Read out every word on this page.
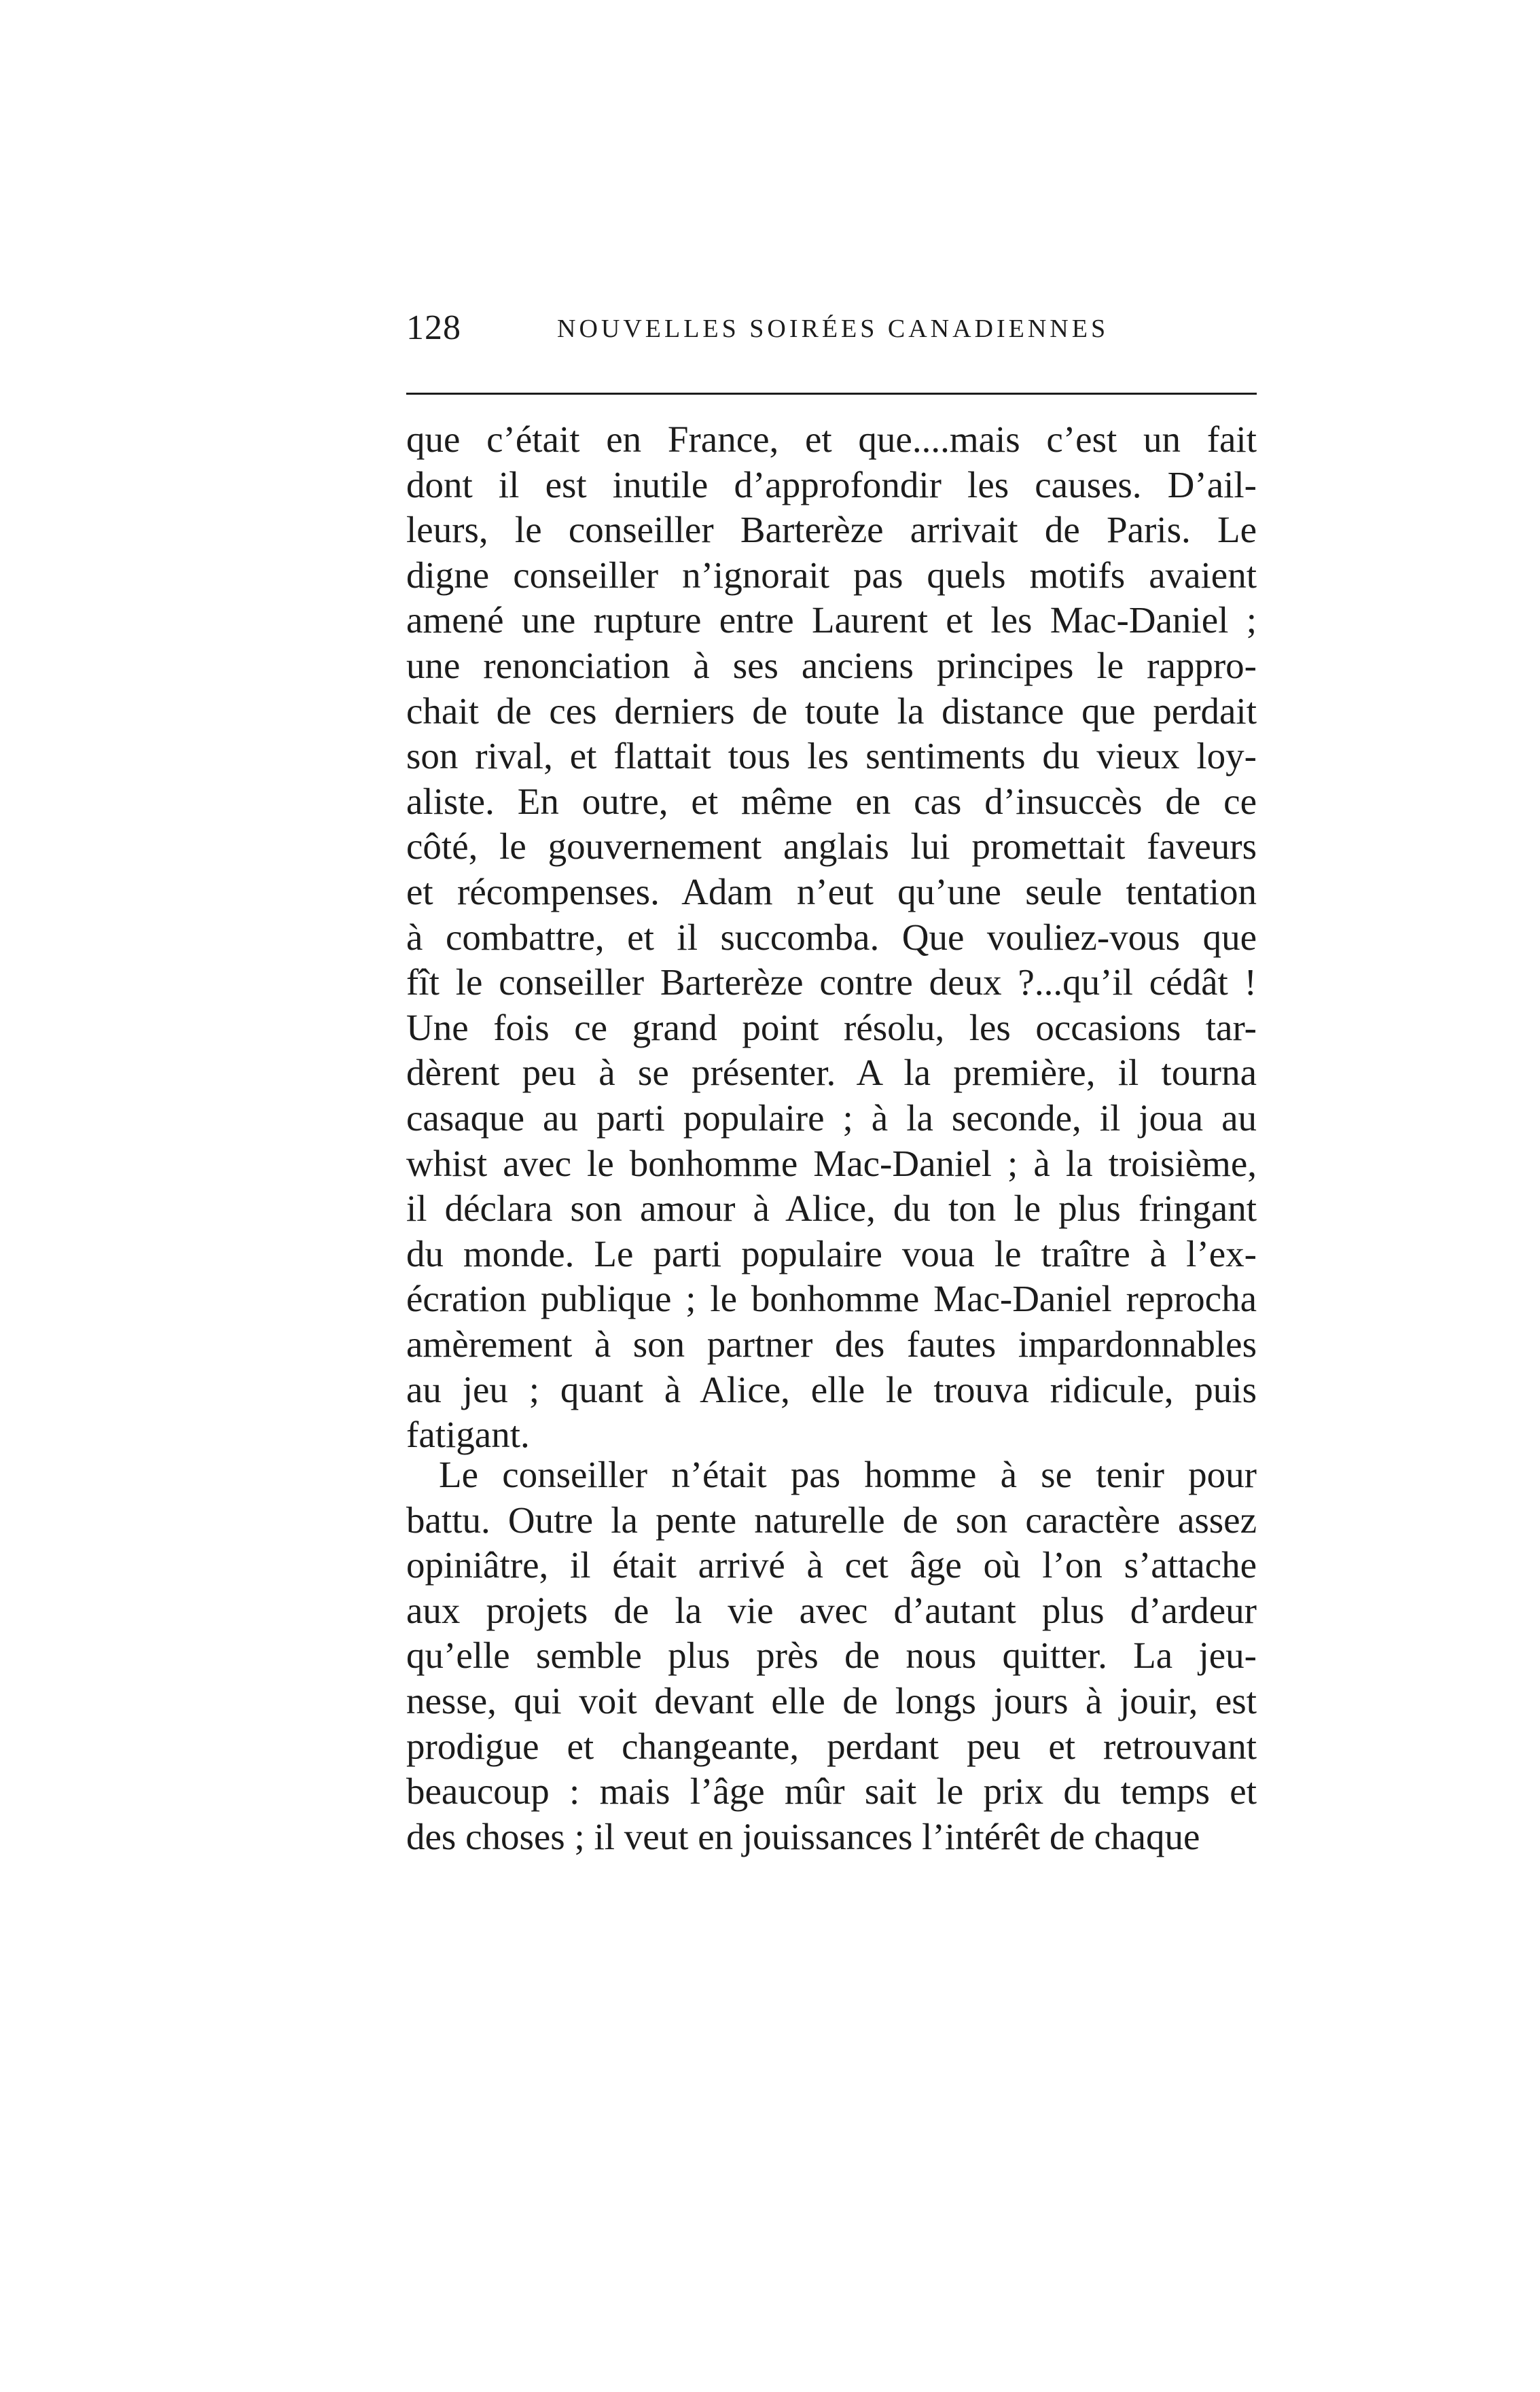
128	NOUVELLES SOIRÉES CANADIENNES
que c’était en France, et que....mais c’est un fait
dont il est inutile d’approfondir les causes. D’ail-
leurs, le conseiller Barterèze arrivait de Paris. Le
digne conseiller n’ignorait pas quels motifs avaient
amené une rupture entre Laurent et les Mac-Daniel ;
une renonciation à ses anciens principes le rappro-
chait de ces derniers de toute la distance que perdait
son rival, et flattait tous les sentiments du vieux loy-
aliste. En outre, et même en cas d’insuccès de ce
côté, le gouvernement anglais lui promettait faveurs
et récompenses. Adam n’eut qu’une seule tentation
à combattre, et il succomba. Que vouliez-vous que
fît le conseiller Barterèze contre deux ?...qu’il cédât !
Une fois ce grand point résolu, les occasions tar-
dèrent peu à se présenter. A la première, il tourna
casaque au parti populaire ; à la seconde, il joua au
whist avec le bonhomme Mac-Daniel ; à la troisième,
il déclara son amour à Alice, du ton le plus fringant
du monde. Le parti populaire voua le traître à l’ex-
écration publique ; le bonhomme Mac-Daniel reprocha
amèrement à son partner des fautes impardonnables
au jeu ; quant à Alice, elle le trouva ridicule, puis
fatigant.
Le conseiller n’était pas homme à se tenir pour
battu. Outre la pente naturelle de son caractère assez
opiniâtre, il était arrivé à cet âge où l’on s’attache
aux projets de la vie avec d’autant plus d’ardeur
qu’elle semble plus près de nous quitter. La jeu-
nesse, qui voit devant elle de longs jours à jouir, est
prodigue et changeante, perdant peu et retrouvant
beaucoup : mais l’âge mûr sait le prix du temps et
des choses ; il veut en jouissances l’intérêt de chaque
